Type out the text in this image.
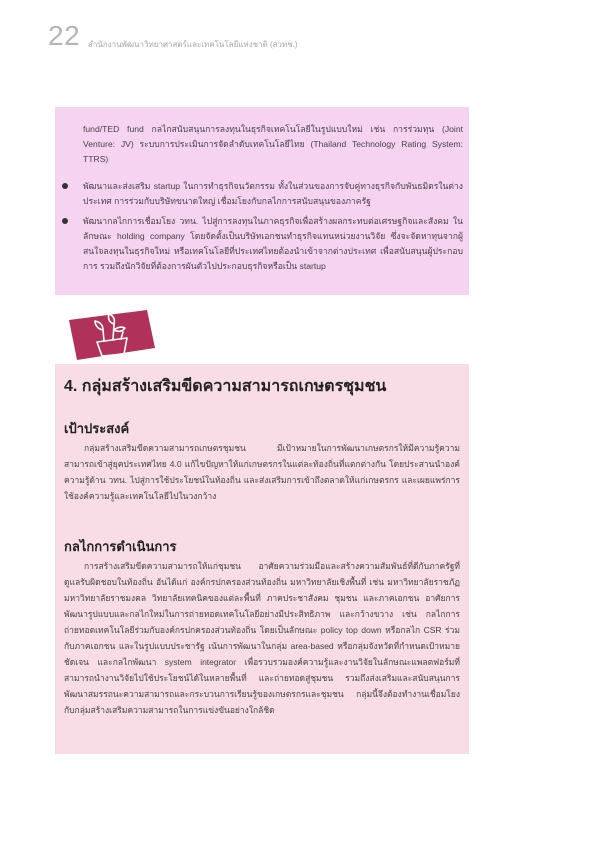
22 สำนักงานพัฒนาวิทยาศาสตร์และเทคโนโลยีแห่งชาติ (สวทช.)
fund/TED fund กลไกสนับสนุนการลงทุนในธุรกิจเทคโนโลยีในรูปแบบใหม่ เช่น การร่วมทุน (Joint Venture: JV) ระบบการประเมินการจัดลำดับเทคโนโลยีไทย (Thailand Technology Rating System: TTRS)
พัฒนาและส่งเสริม startup ในการทำธุรกิจนวัตกรรม ทั้งในส่วนของการจับคู่ทางธุรกิจกับพันธมิตรในต่างประเทศ การร่วมกับบริษัทขนาดใหญ่ เชื่อมโยงกับกลไกการสนับสนุนของภาครัฐ
พัฒนากลไกการเชื่อมโยง วทน. ไปสู่การลงทุนในภาคธุรกิจเพื่อสร้างผลกระทบต่อเศรษฐกิจและสังคม ในลักษณะ holding company โดยจัดตั้งเป็นบริษัทเอกชนทำธุรกิจแทนหน่วยงานวิจัย ซึ่งจะจัดหาทุนจากผู้สนใจลงทุนในธุรกิจใหม่ หรือเทคโนโลยีที่ประเทศไทยต้องนำเข้าจากต่างประเทศ เพื่อสนับสนุนผู้ประกอบการ รวมถึงนักวิจัยที่ต้องการผันตัวไปประกอบธุรกิจหรือเป็น startup
4. กลุ่มสร้างเสริมขีดความสามารถเกษตรชุมชน
เป้าประสงค์
กลุ่มสร้างเสริมขีดความสามารถเกษตรชุมชน มีเป้าหมายในการพัฒนาเกษตรกรให้มีความรู้ความสามารถเข้าสู่ยุคประเทศไทย 4.0 แก้ไขปัญหาให้แก่เกษตรกรในแต่ละท้องถิ่นที่แตกต่างกัน โดยประสานนำองค์ความรู้ด้าน วทน. ไปสู่การใช้ประโยชน์ในท้องถิ่น และส่งเสริมการเข้าถึงตลาดให้แก่เกษตรกร และเผยแพร่การใช้องค์ความรู้และเทคโนโลยีไปในวงกว้าง
กลไกการดำเนินการ
การสร้างเสริมขีดความสามารถให้แก่ชุมชน อาศัยความร่วมมือและสร้างความสัมพันธ์ที่ดีกับภาครัฐที่ดูแลรับผิดชอบในท้องถิ่น อันได้แก่ องค์กรปกครองส่วนท้องถิ่น มหาวิทยาลัยเชิงพื้นที่ เช่น มหาวิทยาลัยราชภัฏ มหาวิทยาลัยราชมงคล วิทยาลัยเทคนิคของแต่ละพื้นที่ ภาคประชาสังคม ชุมชน และภาคเอกชน อาศัยการพัฒนารูปแบบและกลไกใหม่ในการถ่ายทอดเทคโนโลยีอย่างมีประสิทธิภาพ และกว้างขวาง เช่น กลไกการถ่ายทอดเทคโนโลยีร่วมกับองค์กรปกครองส่วนท้องถิ่น โดยเป็นลักษณะ policy top down หรือกลไก CSR ร่วมกับภาคเอกชน และในรูปแบบประชารัฐ เน้นการพัฒนาในกลุ่ม area-based หรือกลุ่มจังหวัดที่กำหนดเป้าหมายชัดเจน และกลไกพัฒนา system integrator เพื่อรวบรวมองค์ความรู้และงานวิจัยในลักษณะแพลตฟอร์มที่สามารถนำงานวิจัยไปใช้ประโยชน์ได้ในหลายพื้นที่ และถ่ายทอดสู่ชุมชน รวมถึงส่งเสริมและสนับสนุนการพัฒนาสมรรถนะความสามารถและกระบวนการเรียนรู้ของเกษตรกรและชุมชน กลุ่มนี้จึงต้องทำงานเชื่อมโยงกับกลุ่มสร้างเสริมความสามารถในการแข่งขันอย่างใกล้ชิด
